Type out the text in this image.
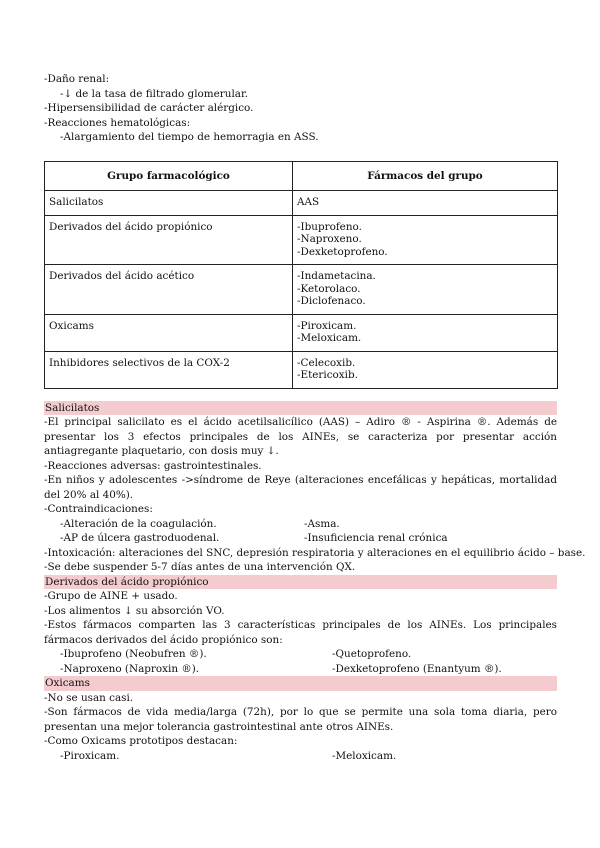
-Daño renal:
-↓ de la tasa de filtrado glomerular.
-Hipersensibilidad de carácter alérgico.
-Reacciones hematológicas:
-Alargamiento del tiempo de hemorragia en ASS.
Grupo farmacológico	Fármacos del grupo
Salicilatos	AAS

Derivados del ácido propiónico	-Ibuprofeno.
-Naproxeno.
-Dexketoprofeno.

Derivados del ácido acético	-Indametacina.
-Ketorolaco.
-Diclofenaco.

Oxicams	-Piroxicam.
-Meloxicam.

Inhibidores selectivos de la COX-2	-Celecoxib.
-Etericoxib.
Salicilatos
-El principal salicilato es el ácido acetilsalicílico (AAS) – Adiro ® - Aspirina ®. Además de presentar los 3 efectos principales de los AINEs, se caracteriza por presentar acción antiagregante plaquetario, con dosis muy ↓.
-Reacciones adversas: gastrointestinales.
-En niños y adolescentes ->síndrome de Reye (alteraciones encefálicas y hepáticas, mortalidad del 20% al 40%).
-Contraindicaciones:
-Alteración de la coagulación.	-Asma.
-AP de úlcera gastroduodenal.	-Insuficiencia renal crónica
-Intoxicación: alteraciones del SNC, depresión respiratoria y alteraciones en el equilibrio ácido – base.
-Se debe suspender 5-7 días antes de una intervención QX.
Derivados del ácido propiónico
-Grupo de AINE + usado.
-Los alimentos ↓ su absorción VO.
-Estos fármacos comparten las 3 características principales de los AINEs. Los principales fármacos derivados del ácido propiónico son:
-Ibuprofeno (Neobufren ®).	-Quetoprofeno.
-Naproxeno (Naproxin ®).	-Dexketoprofeno (Enantyum ®).
Oxicams
-No se usan casi.
-Son fármacos de vida media/larga (72h), por lo que se permite una sola toma diaria, pero presentan una mejor tolerancia gastrointestinal ante otros AINEs.
-Como Oxicams prototipos destacan:
-Piroxicam.	-Meloxicam.
